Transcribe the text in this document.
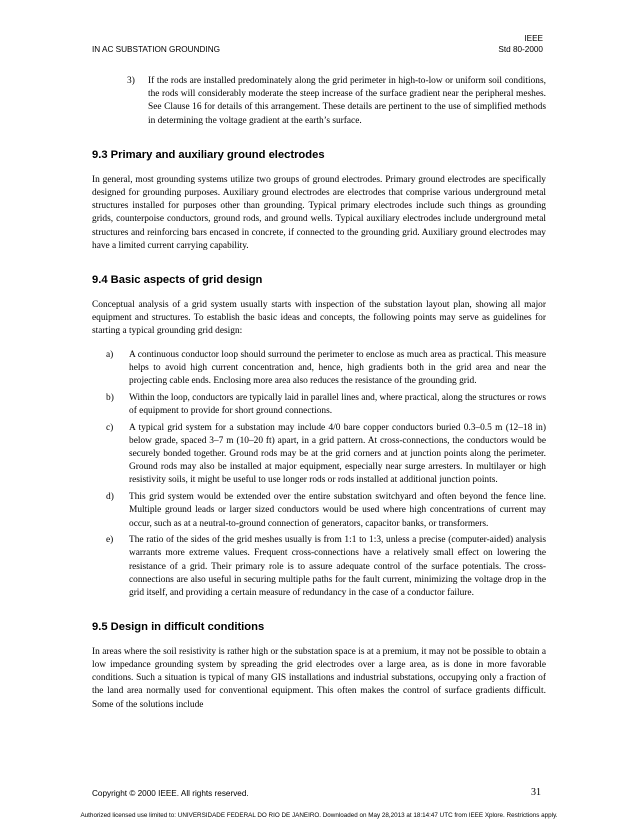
IEEE
Std 80-2000
IN AC SUBSTATION GROUNDING
3) If the rods are installed predominately along the grid perimeter in high-to-low or uniform soil conditions, the rods will considerably moderate the steep increase of the surface gradient near the peripheral meshes. See Clause 16 for details of this arrangement. These details are pertinent to the use of simplified methods in determining the voltage gradient at the earth’s surface.

9.3 Primary and auxiliary ground electrodes

In general, most grounding systems utilize two groups of ground electrodes. Primary ground electrodes are specifically designed for grounding purposes. Auxiliary ground electrodes are electrodes that comprise various underground metal structures installed for purposes other than grounding. Typical primary electrodes include such things as grounding grids, counterpoise conductors, ground rods, and ground wells. Typical auxiliary electrodes include underground metal structures and reinforcing bars encased in concrete, if connected to the grounding grid. Auxiliary ground electrodes may have a limited current carrying capability.

9.4 Basic aspects of grid design

Conceptual analysis of a grid system usually starts with inspection of the substation layout plan, showing all major equipment and structures. To establish the basic ideas and concepts, the following points may serve as guidelines for starting a typical grounding grid design:

a) A continuous conductor loop should surround the perimeter to enclose as much area as practical. This measure helps to avoid high current concentration and, hence, high gradients both in the grid area and near the projecting cable ends. Enclosing more area also reduces the resistance of the grounding grid.

b) Within the loop, conductors are typically laid in parallel lines and, where practical, along the structures or rows of equipment to provide for short ground connections.

c) A typical grid system for a substation may include 4/0 bare copper conductors buried 0.3–0.5 m (12–18 in) below grade, spaced 3–7 m (10–20 ft) apart, in a grid pattern. At cross-connections, the conductors would be securely bonded together. Ground rods may be at the grid corners and at junction points along the perimeter. Ground rods may also be installed at major equipment, especially near surge arresters. In multilayer or high resistivity soils, it might be useful to use longer rods or rods installed at additional junction points.

d) This grid system would be extended over the entire substation switchyard and often beyond the fence line. Multiple ground leads or larger sized conductors would be used where high concentrations of current may occur, such as at a neutral-to-ground connection of generators, capacitor banks, or transformers.

e) The ratio of the sides of the grid meshes usually is from 1:1 to 1:3, unless a precise (computer-aided) analysis warrants more extreme values. Frequent cross-connections have a relatively small effect on lowering the resistance of a grid. Their primary role is to assure adequate control of the surface potentials. The cross-connections are also useful in securing multiple paths for the fault current, minimizing the voltage drop in the grid itself, and providing a certain measure of redundancy in the case of a conductor failure.

9.5 Design in difficult conditions

In areas where the soil resistivity is rather high or the substation space is at a premium, it may not be possible to obtain a low impedance grounding system by spreading the grid electrodes over a large area, as is done in more favorable conditions. Such a situation is typical of many GIS installations and industrial substations, occupying only a fraction of the land area normally used for conventional equipment. This often makes the control of surface gradients difficult. Some of the solutions include

Copyright © 2000 IEEE. All rights reserved.	31
Authorized licensed use limited to: UNIVERSIDADE FEDERAL DO RIO DE JANEIRO. Downloaded on May 28,2013 at 18:14:47 UTC from IEEE Xplore. Restrictions apply.
